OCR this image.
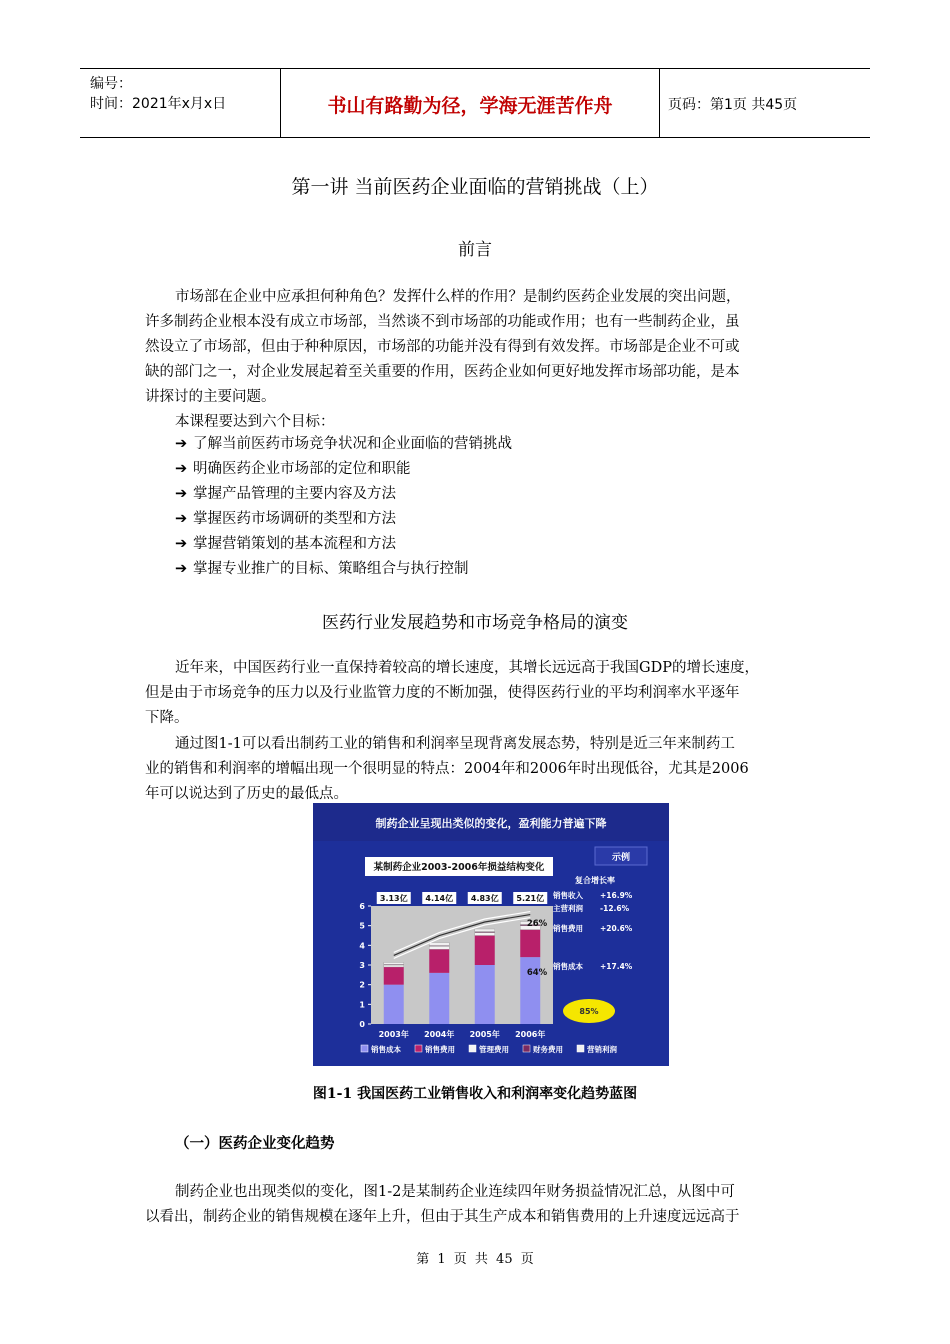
编号：
时间：2021年x月x日	书山有路勤为径，学海无涯苦作舟	页码：第1页 共45页
第一讲 当前医药企业面临的营销挑战（上）
前言
市场部在企业中应承担何种角色？发挥什么样的作用？是制约医药企业发展的突出问题，
许多制药企业根本没有成立市场部，当然谈不到市场部的功能或作用；也有一些制药企业，虽
然设立了市场部，但由于种种原因，市场部的功能并没有得到有效发挥。市场部是企业不可或
缺的部门之一，对企业发展起着至关重要的作用，医药企业如何更好地发挥市场部功能，是本
讲探讨的主要问题。
本课程要达到六个目标：
➔ 了解当前医药市场竞争状况和企业面临的营销挑战
➔ 明确医药企业市场部的定位和职能
➔ 掌握产品管理的主要内容及方法
➔ 掌握医药市场调研的类型和方法
➔ 掌握营销策划的基本流程和方法
➔ 掌握专业推广的目标、策略组合与执行控制
医药行业发展趋势和市场竞争格局的演变
近年来，中国医药行业一直保持着较高的增长速度，其增长远远高于我国GDP的增长速度，
但是由于市场竞争的压力以及行业监管力度的不断加强，使得医药行业的平均利润率水平逐年
下降。
通过图1-1可以看出制药工业的销售和利润率呈现背离发展态势，特别是近三年来制药工
业的销售和利润率的增幅出现一个很明显的特点：2004年和2006年时出现低谷，尤其是2006
年可以说达到了历史的最低点。
制药企业呈现出类似的变化，盈利能力普遍下降
某制药企业2003-2006年损益结构变化
示例
复合增长率
销售收入 +16.9%
主营利润 -12.6%
销售费用 +20.6%
销售成本 +17.4%
0
1
2
3
4
5
6
3.13亿 4.14亿 4.83亿 5.21亿
2003年 2004年 2005年 2006年
26%
64%
85%
销售成本	销售费用	管理费用	财务费用	营销利润
图1-1 我国医药工业销售收入和利润率变化趋势蓝图
（一）医药企业变化趋势
制药企业也出现类似的变化，图1-2是某制药企业连续四年财务损益情况汇总，从图中可
以看出，制药企业的销售规模在逐年上升，但由于其生产成本和销售费用的上升速度远远高于
第 1 页 共 45 页
